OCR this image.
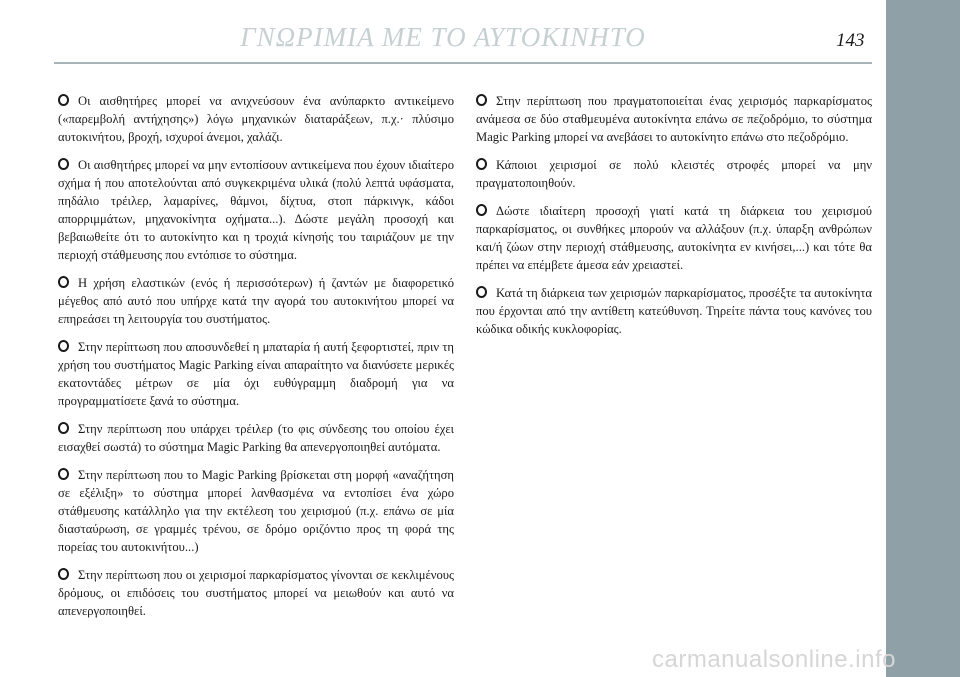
ΓΝΩΡΙΜΙΑ ΜΕ ΤΟ ΑΥΤΟΚΙΝΗΤΟ	143

Οι αισθητήρες μπορεί να ανιχνεύσουν ένα ανύπαρκτο αντικείμενο («παρεμβολή αντήχησης») λόγω μηχανικών διαταράξεων, π.χ.· πλύσιμο αυτοκινήτου, βροχή, ισχυροί άνεμοι, χαλάζι.

Οι αισθητήρες μπορεί να μην εντοπίσουν αντικείμενα που έχουν ιδιαίτερο σχήμα ή που αποτελούνται από συγκεκριμένα υλικά (πολύ λεπτά υφάσματα, πηδάλιο τρέιλερ, λαμαρίνες, θάμνοι, δίχτυα, στοπ πάρκινγκ, κάδοι απορριμμάτων, μηχανοκίνητα οχήματα...). Δώστε μεγάλη προσοχή και βεβαιωθείτε ότι το αυτοκίνητο και η τροχιά κίνησής του ταιριάζουν με την περιοχή στάθμευσης που εντόπισε το σύστημα.

Η χρήση ελαστικών (ενός ή περισσότερων) ή ζαντών με διαφορετικό μέγεθος από αυτό που υπήρχε κατά την αγορά του αυτοκινήτου μπορεί να επηρεάσει τη λειτουργία του συστήματος.

Στην περίπτωση που αποσυνδεθεί η μπαταρία ή αυτή ξεφορτιστεί, πριν τη χρήση του συστήματος Magic Parking είναι απαραίτητο να διανύσετε μερικές εκατοντάδες μέτρων σε μία όχι ευθύγραμμη διαδρομή για να προγραμματίσετε ξανά το σύστημα.

Στην περίπτωση που υπάρχει τρέιλερ (το φις σύνδεσης του οποίου έχει εισαχθεί σωστά) το σύστημα Magic Parking θα απενεργοποιηθεί αυτόματα.

Στην περίπτωση που το Magic Parking βρίσκεται στη μορφή «αναζήτηση σε εξέλιξη» το σύστημα μπορεί λανθασμένα να εντοπίσει ένα χώρο στάθμευσης κατάλληλο για την εκτέλεση του χειρισμού (π.χ. επάνω σε μία διασταύρωση, σε γραμμές τρένου, σε δρόμο οριζόντιο προς τη φορά της πορείας του αυτοκινήτου...)

Στην περίπτωση που οι χειρισμοί παρκαρίσματος γίνονται σε κεκλιμένους δρόμους, οι επιδόσεις του συστήματος μπορεί να μειωθούν και αυτό να απενεργοποιηθεί.

Στην περίπτωση που πραγματοποιείται ένας χειρισμός παρκαρίσματος ανάμεσα σε δύο σταθμευμένα αυτοκίνητα επάνω σε πεζοδρόμιο, το σύστημα Magic Parking μπορεί να ανεβάσει το αυτοκίνητο επάνω στο πεζοδρόμιο.

Κάποιοι χειρισμοί σε πολύ κλειστές στροφές μπορεί να μην πραγματοποιηθούν.

Δώστε ιδιαίτερη προσοχή γιατί κατά τη διάρκεια του χειρισμού παρκαρίσματος, οι συνθήκες μπορούν να αλλάξουν (π.χ. ύπαρξη ανθρώπων και/ή ζώων στην περιοχή στάθμευσης, αυτοκίνητα εν κινήσει,...) και τότε θα πρέπει να επέμβετε άμεσα εάν χρειαστεί.

Κατά τη διάρκεια των χειρισμών παρκαρίσματος, προσέξτε τα αυτοκίνητα που έρχονται από την αντίθετη κατεύθυνση. Τηρείτε πάντα τους κανόνες του κώδικα οδικής κυκλοφορίας.

carmanualsonline.info
